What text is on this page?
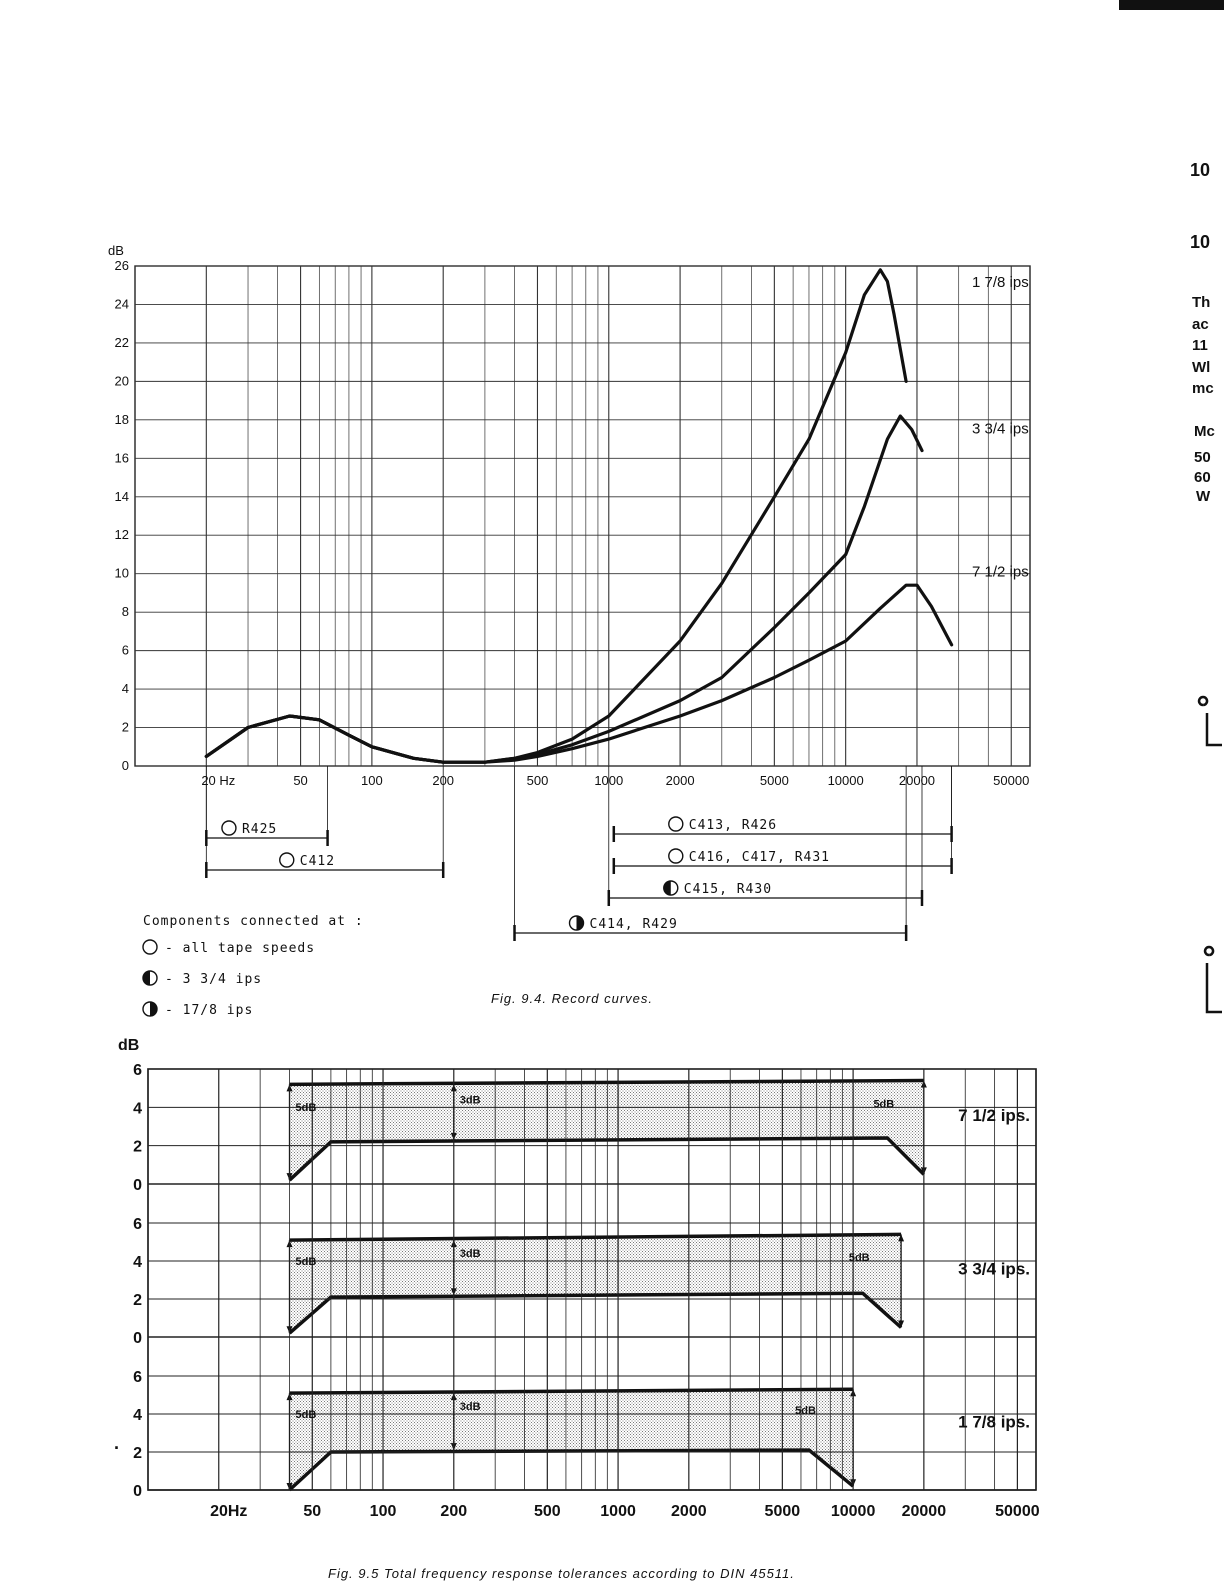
10
10
Th
ac
11
Wl
mc
Mc
50
60
W
0
2
4
6
8
10
12
14
16
18
20
22
24
26
20 Hz	50	100	200	500	1000	2000	5000	10000	20000	50000
dB
1 7/8 ips
3 3/4 ips
7 1/2 ips
R425
C412
C413, R426
C416, C417, R431
C415, R430
C414, R429
Components connected at :
- all tape speeds
- 3 3/4 ips
- 17/8 ips
Fig. 9.4. Record curves.
dB
0
2
4
6
0
2
4
6
0
2
4
6
20Hz	50	100	200	500 1000 2000	5000 10000 20000	50000
5dB
3dB	5dB
7 1/2 ips.
5dB
3dB	5dB
3 3/4 ips.
5dB
3dB	5dB
1 7/8 ips.
.
Fig. 9.5 Total frequency response tolerances according to DIN 45511.
